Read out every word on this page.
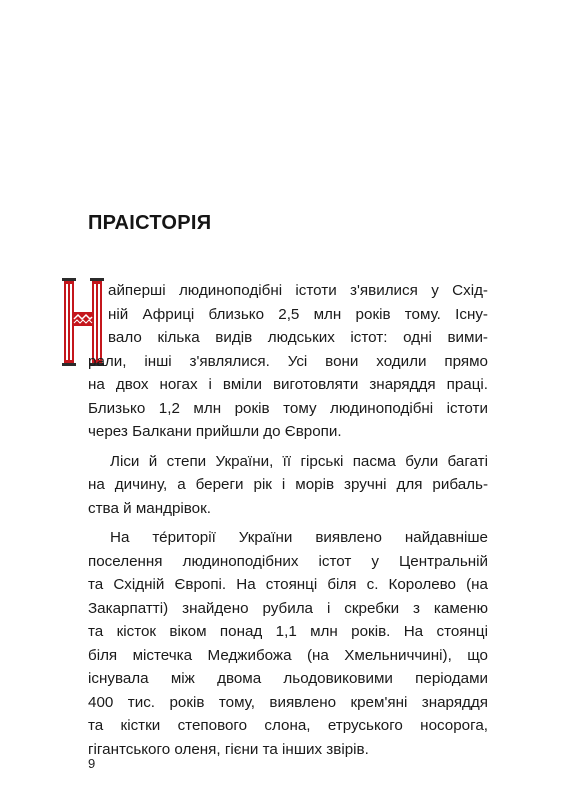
ПРАІСТОРІЯ
айперші людиноподібні істоти з'явилися у Схід-
ній Африці близько 2,5 млн років тому. Існу-
вало кілька видів людських істот: одні вими-
рали, інші з'являлися. Усі вони ходили прямо
на двох ногах і вміли виготовляти знаряддя праці.
Близько 1,2 млн років тому людиноподібні істоти
через Балкани прийшли до Європи.
Ліси й степи України, її гірські пасма були багаті
на дичину, а береги рік і морів зручні для рибаль-
ства й мандрівок.
На те́риторії України виявлено найдавніше
поселення людиноподібних істот у Центральній
та Східній Європі. На стоянці біля с. Королево (на
Закарпатті) знайдено рубила і скребки з каменю
та кісток віком понад 1,1 млн років. На стоянці
біля містечка Меджибожа (на Хмельниччині), що
існувала між двома льодовиковими періодами
400 тис. років тому, виявлено крем'яні знаряддя
та кістки степового слона, етруського носорога,
гігантського оленя, гієни та інших звірів.
9
